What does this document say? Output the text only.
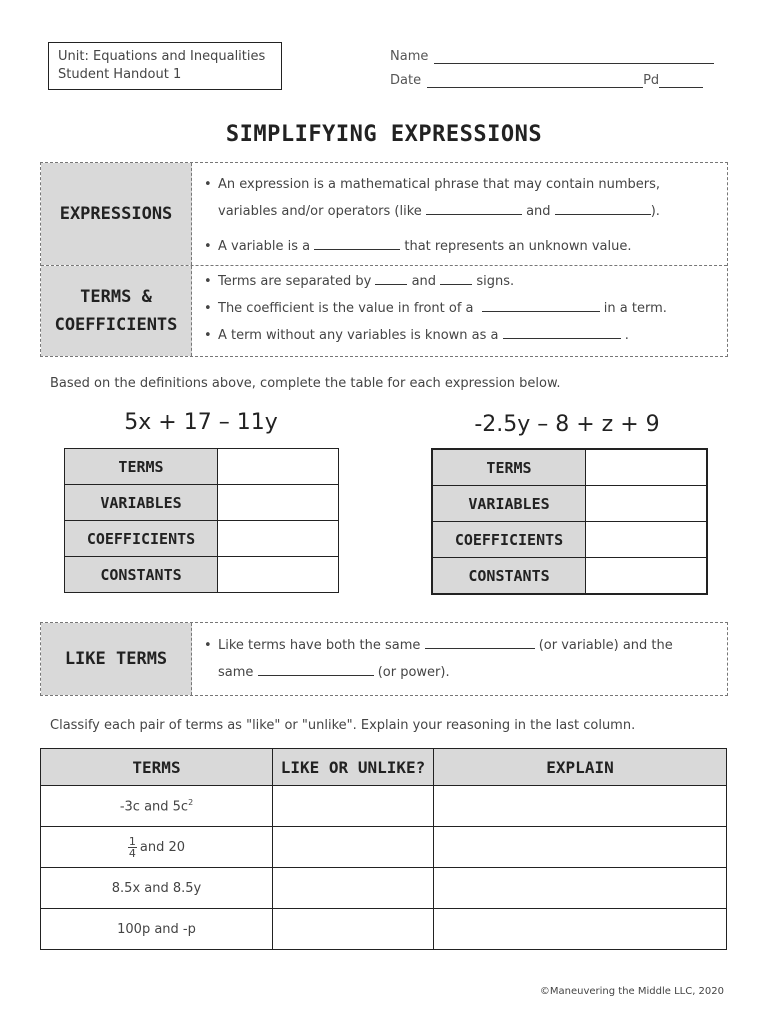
Unit: Equations and Inequalities
Student Handout 1
Name
Date	Pd
SIMPLIFYING EXPRESSIONS
EXPRESSIONS
• An expression is a mathematical phrase that may contain numbers,
variables and/or operators (like	and	).
• A variable is a	that represents an unknown value.
TERMS &
COEFFICIENTS
• Terms are separated by	and	signs.
• The coefficient is the value in front of a	in a term.
• A term without any variables is known as a	.
Based on the definitions above, complete the table for each expression below.
5x + 17 – 11y
TERMS	
VARIABLES	
COEFFICIENTS	
CONSTANTS	
-2.5y – 8 + z + 9
TERMS	
VARIABLES	
COEFFICIENTS	
CONSTANTS	
LIKE TERMS
• Like terms have both the same	(or variable) and the
same	(or power).
Classify each pair of terms as "like" or "unlike". Explain your reasoning in the last column.
TERMS	LIKE OR UNLIKE?	EXPLAIN
-3c and $5c^2$		

$\frac{1}{4}$ and 20		
8.5x and 8.5y		
100p and -p		
©Maneuvering the Middle LLC, 2020
